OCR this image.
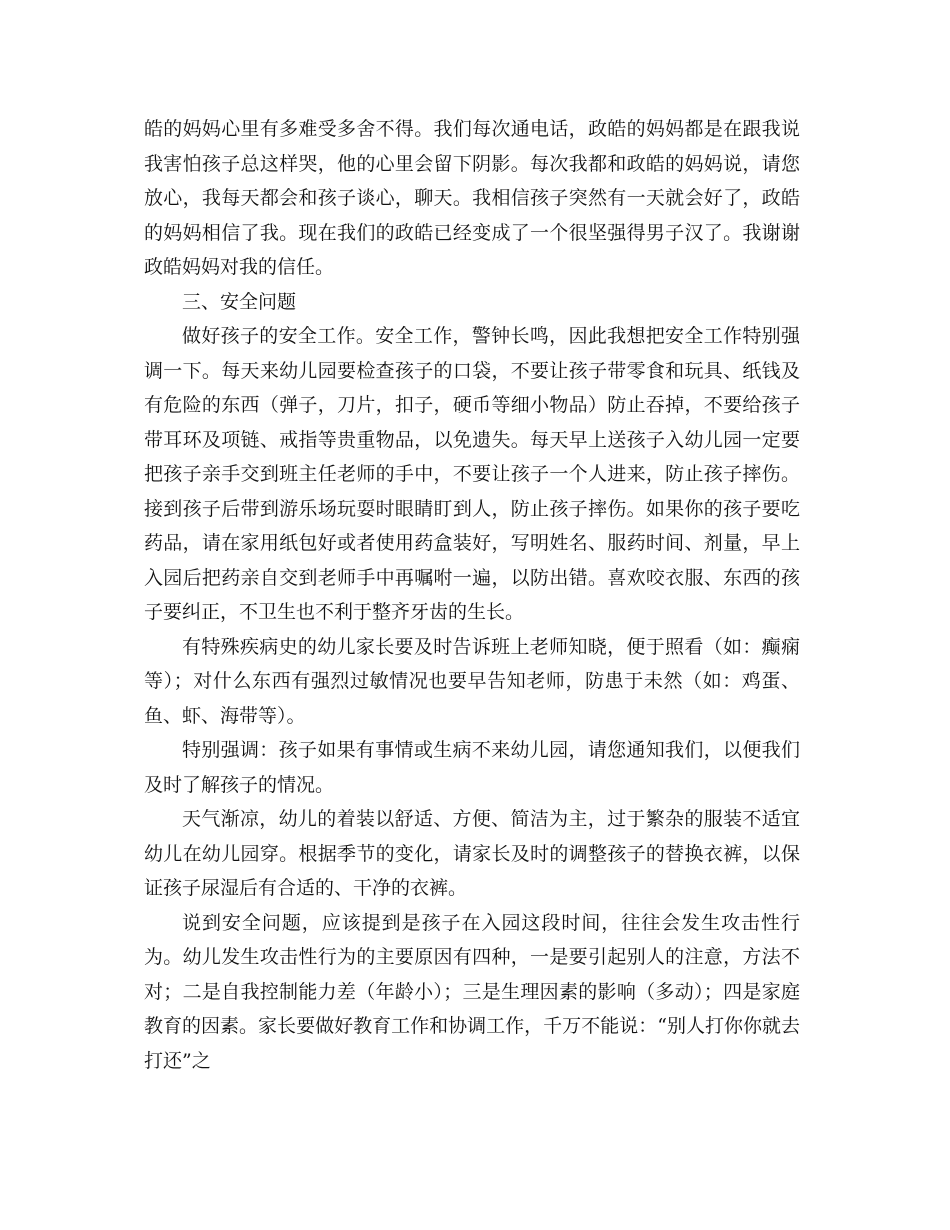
皓的妈妈心里有多难受多舍不得。我们每次通电话，政皓的妈妈都是在跟我说我害怕孩子总这样哭，他的心里会留下阴影。每次我都和政皓的妈妈说，请您放心，我每天都会和孩子谈心，聊天。我相信孩子突然有一天就会好了，政皓的妈妈相信了我。现在我们的政皓已经变成了一个很坚强得男子汉了。我谢谢政皓妈妈对我的信任。

三、安全问题

做好孩子的安全工作。安全工作，警钟长鸣，因此我想把安全工作特别强调一下。每天来幼儿园要检查孩子的口袋，不要让孩子带零食和玩具、纸钱及有危险的东西（弹子，刀片，扣子，硬币等细小物品）防止吞掉，不要给孩子带耳环及项链、戒指等贵重物品，以免遗失。每天早上送孩子入幼儿园一定要把孩子亲手交到班主任老师的手中，不要让孩子一个人进来，防止孩子摔伤。接到孩子后带到游乐场玩耍时眼睛盯到人，防止孩子摔伤。如果你的孩子要吃药品，请在家用纸包好或者使用药盒装好，写明姓名、服药时间、剂量，早上入园后把药亲自交到老师手中再嘱咐一遍，以防出错。喜欢咬衣服、东西的孩子要纠正，不卫生也不利于整齐牙齿的生长。

有特殊疾病史的幼儿家长要及时告诉班上老师知晓，便于照看（如：癫痫等）；对什么东西有强烈过敏情况也要早告知老师，防患于未然（如：鸡蛋、鱼、虾、海带等）。

特别强调：孩子如果有事情或生病不来幼儿园，请您通知我们，以便我们及时了解孩子的情况。

天气渐凉，幼儿的着装以舒适、方便、简洁为主，过于繁杂的服装不适宜幼儿在幼儿园穿。根据季节的变化，请家长及时的调整孩子的替换衣裤，以保证孩子尿湿后有合适的、干净的衣裤。

说到安全问题，应该提到是孩子在入园这段时间，往往会发生攻击性行为。幼儿发生攻击性行为的主要原因有四种，一是要引起别人的注意，方法不对；二是自我控制能力差（年龄小）；三是生理因素的影响（多动）；四是家庭教育的因素。家长要做好教育工作和协调工作，千万不能说：“别人打你你就去打还”之
